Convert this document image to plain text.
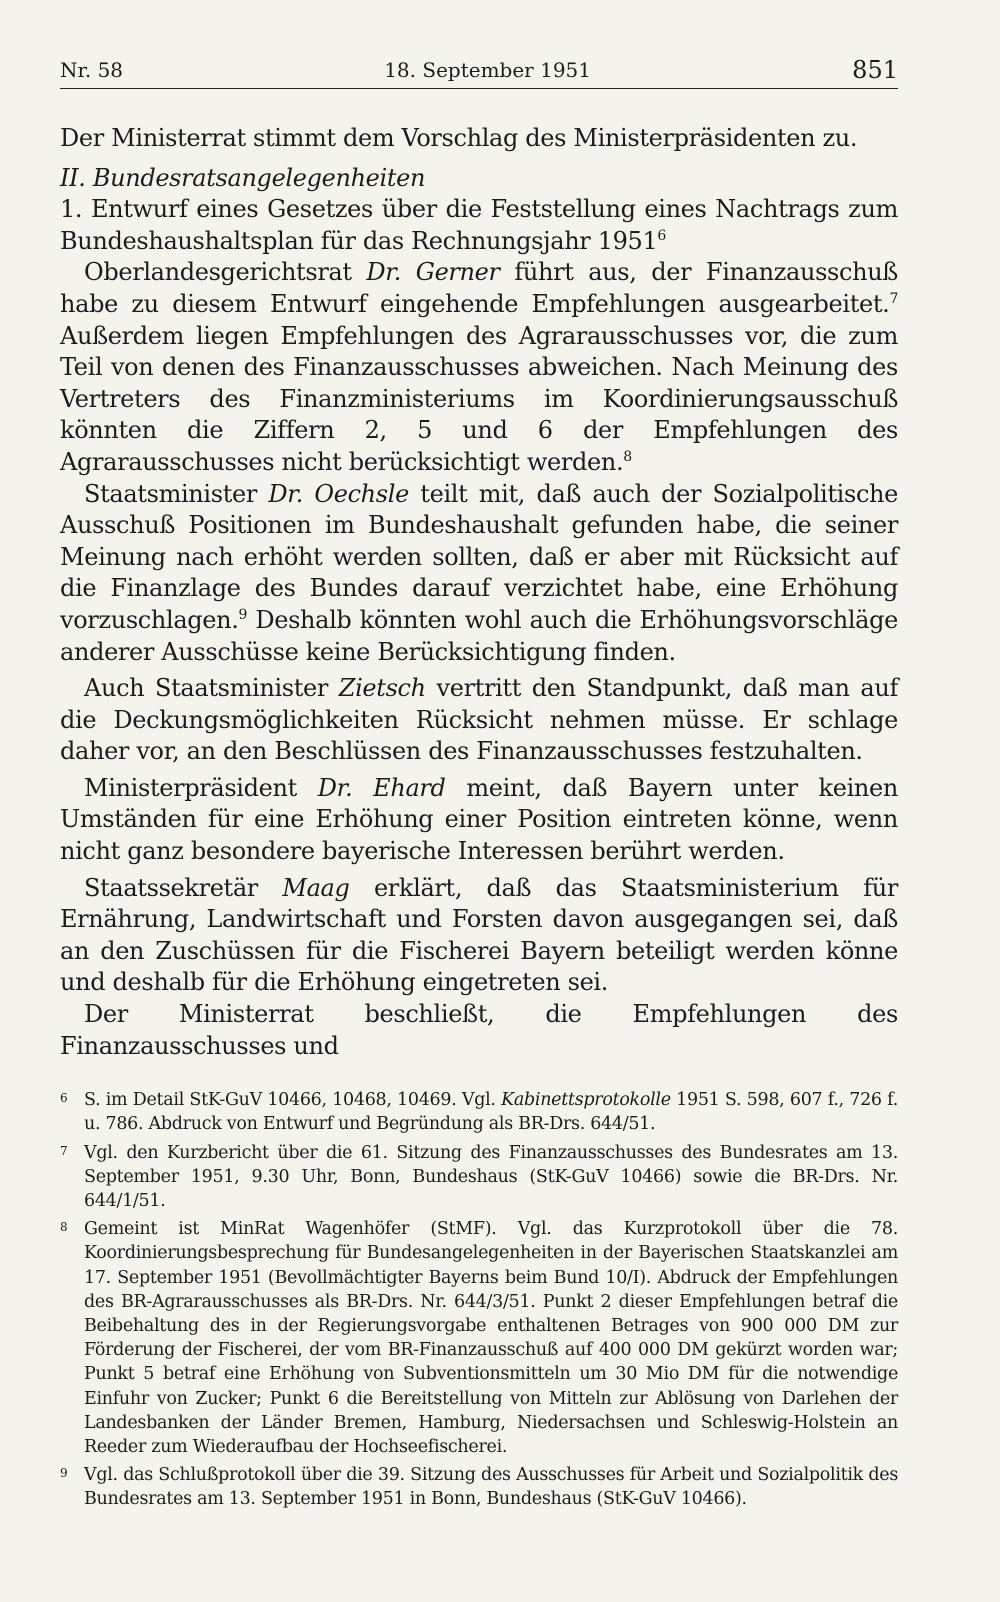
Nr. 58	18. September 1951	851

Der Ministerrat stimmt dem Vorschlag des Ministerpräsidenten zu.

II. Bundesratsangelegenheiten

1. Entwurf eines Gesetzes über die Feststellung eines Nachtrags zum Bundeshaushaltsplan für das Rechnungsjahr 1951$^6$

Oberlandesgerichtsrat Dr. Gerner führt aus, der Finanzausschuß habe zu diesem Entwurf eingehende Empfehlungen ausgearbeitet.$^7$ Außerdem liegen Empfehlungen des Agrarausschusses vor, die zum Teil von denen des Finanzausschusses abweichen. Nach Meinung des Vertreters des Finanzministeriums im Koordinierungsausschuß könnten die Ziffern 2, 5 und 6 der Empfehlungen des Agrarausschusses nicht berücksichtigt werden.$^8$

Staatsminister Dr. Oechsle teilt mit, daß auch der Sozialpolitische Ausschuß Positionen im Bundeshaushalt gefunden habe, die seiner Meinung nach erhöht werden sollten, daß er aber mit Rücksicht auf die Finanzlage des Bundes darauf verzichtet habe, eine Erhöhung vorzuschlagen.$^9$ Deshalb könnten wohl auch die Erhöhungsvorschläge anderer Ausschüsse keine Berücksichtigung finden.

Auch Staatsminister Zietsch vertritt den Standpunkt, daß man auf die Deckungsmöglichkeiten Rücksicht nehmen müsse. Er schlage daher vor, an den Beschlüssen des Finanzausschusses festzuhalten.

Ministerpräsident Dr. Ehard meint, daß Bayern unter keinen Umständen für eine Erhöhung einer Position eintreten könne, wenn nicht ganz besondere bayerische Interessen berührt werden.

Staatssekretär Maag erklärt, daß das Staatsministerium für Ernährung, Landwirtschaft und Forsten davon ausgegangen sei, daß an den Zuschüssen für die Fischerei Bayern beteiligt werden könne und deshalb für die Erhöhung eingetreten sei.

Der Ministerrat beschließt, die Empfehlungen des Finanzausschusses und

6 S. im Detail StK-GuV 10466, 10468, 10469. Vgl. Kabinettsprotokolle 1951 S. 598, 607 f., 726 f. u. 786. Abdruck von Entwurf und Begründung als BR-Drs. 644/51.
7 Vgl. den Kurzbericht über die 61. Sitzung des Finanzausschusses des Bundesrates am 13. September 1951, 9.30 Uhr, Bonn, Bundeshaus (StK-GuV 10466) sowie die BR-Drs. Nr. 644/1/51.
8 Gemeint ist MinRat Wagenhöfer (StMF). Vgl. das Kurzprotokoll über die 78. Koordinierungsbesprechung für Bundesangelegenheiten in der Bayerischen Staatskanzlei am 17. September 1951 (Bevollmächtigter Bayerns beim Bund 10/I). Abdruck der Empfehlungen des BR-Agrarausschusses als BR-Drs. Nr. 644/3/51. Punkt 2 dieser Empfehlungen betraf die Beibehaltung des in der Regierungsvorgabe enthaltenen Betrages von 900 000 DM zur Förderung der Fischerei, der vom BR-Finanzausschuß auf 400 000 DM gekürzt worden war; Punkt 5 betraf eine Erhöhung von Subventionsmitteln um 30 Mio DM für die notwendige Einfuhr von Zucker; Punkt 6 die Bereitstellung von Mitteln zur Ablösung von Darlehen der Landesbanken der Länder Bremen, Hamburg, Niedersachsen und Schleswig-Holstein an Reeder zum Wiederaufbau der Hochseefischerei.
9 Vgl. das Schlußprotokoll über die 39. Sitzung des Ausschusses für Arbeit und Sozialpolitik des Bundesrates am 13. September 1951 in Bonn, Bundeshaus (StK-GuV 10466).
